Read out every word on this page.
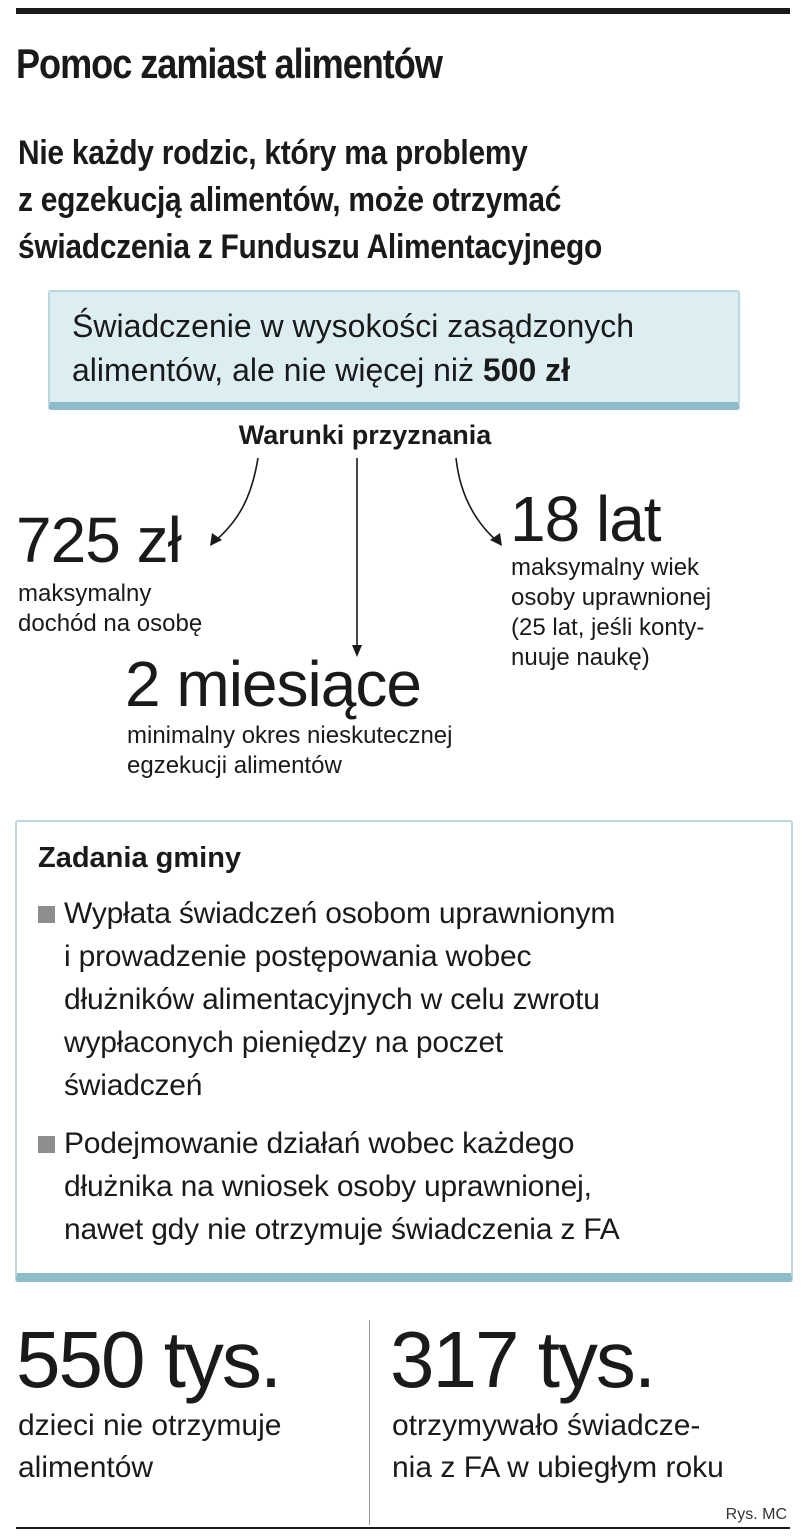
Pomoc zamiast alimentów
Nie każdy rodzic, który ma problemy
z egzekucją alimentów, może otrzymać
świadczenia z Funduszu Alimentacyjnego
Świadczenie w wysokości zasądzonych
alimentów, ale nie więcej niż 500 zł
Warunki przyznania
725 zł
maksymalny
dochód na osobę
18 lat
maksymalny wiek
osoby uprawnionej
(25 lat, jeśli konty-
nuuje naukę)
2 miesiące
minimalny okres nieskutecznej
egzekucji alimentów
Zadania gminy
Wypłata świadczeń osobom uprawnionym
i prowadzenie postępowania wobec
dłużników alimentacyjnych w celu zwrotu
wypłaconych pieniędzy na poczet
świadczeń
Podejmowanie działań wobec każdego
dłużnika na wniosek osoby uprawnionej,
nawet gdy nie otrzymuje świadczenia z FA
550 tys.
dzieci nie otrzymuje
alimentów
317 tys.
otrzymywało świadcze-
nia z FA w ubiegłym roku
Rys. MC
